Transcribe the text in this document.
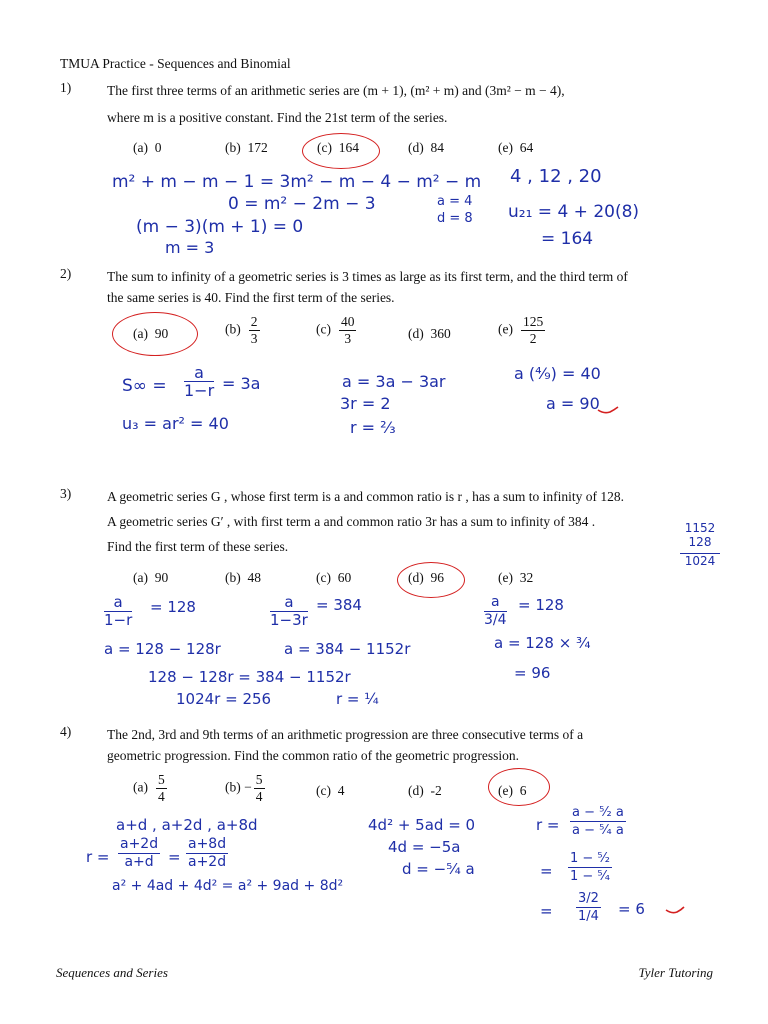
TMUA Practice - Sequences and Binomial
1)	The first three terms of an arithmetic series are (m + 1), (m² + m) and (3m² − m − 4),
where m is a positive constant. Find the 21st term of the series.
(a) 0	(b) 172	(c) 164	(d) 84	(e) 64
m² + m − m − 1 = 3m² − m − 4 − m² − m
0 = m² − 2m − 3
(m − 3)(m + 1) = 0
m = 3
a = 4
d = 8
4 , 12 , 20
u₂₁ = 4 + 20(8)
= 164
2)	The sum to infinity of a geometric series is 3 times as large as its first term, and the third term of
the same series is 40. Find the first term of the series.
(a) 90	$(b) \frac{2}{3}$	$(c) \frac{40}{3}$	(d) 360	$(e) \frac{125}{2}$
$S\infty = \frac{a}{1-r} = 3a$
u₃ = ar² = 40
a = 3a − 3ar
3r = 2
r = ²⁄₃
a (⁴⁄₉) = 40
a = 90
3)	A geometric series G , whose first term is a and common ratio is r , has a sum to infinity of 128.
A geometric series G′ , with first term a and common ratio 3r has a sum to infinity of 384 .
Find the first term of these series.
(a) 90	(b) 48	(c) 60	(d) 96	(e) 32
1152
128
1024
$\frac{a}{1-r} = 128$	$\frac{a}{1-3r} = 384$	$\frac{a}{3/4} = 128$
a = 128 − 128r	a = 384 − 1152r	a = 128 × ³⁄₄
128 − 128r = 384 − 1152r
1024r = 256	r = ¼
= 96
4)	The 2nd, 3rd and 9th terms of an arithmetic progression are three consecutive terms of a
geometric progression. Find the common ratio of the geometric progression.
$(a) \frac{5}{4}$	$(b) - \frac{5}{4}$	(c) 4	(d) -2	(e) 6
a+d , a+2d , a+8d
$r = \frac{a+2d}{a+d} = \frac{a+8d}{a+2d}$
a² + 4ad + 4d² = a² + 9ad + 8d²
4d² + 5ad = 0
4d = −5a
d = −⁵⁄₄ a
$r = \frac{\text{a − ⁵⁄₂ a}}{\text{a − ⁵⁄₄ a}}$
= $\frac{\text{1 − ⁵⁄₂}}{\text{1 − ⁵⁄₄}}$
= $\frac{3/2}{1/4} = 6$
Sequences and Series	Tyler Tutoring
